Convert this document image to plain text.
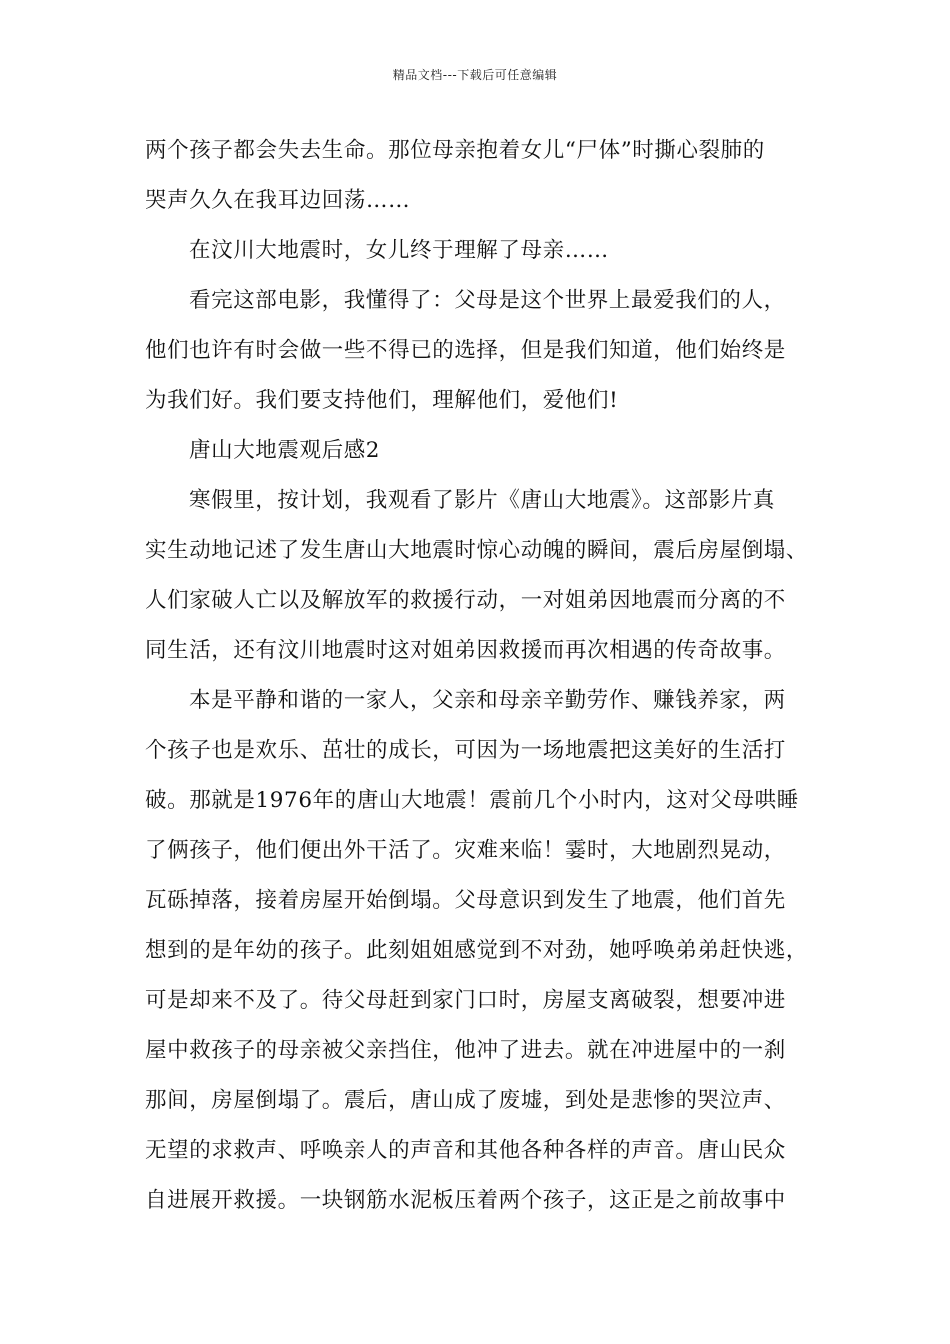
精品文档---下载后可任意编辑
两个孩子都会失去生命。那位母亲抱着女儿“尸体”时撕心裂肺的
哭声久久在我耳边回荡……
在汶川大地震时，女儿终于理解了母亲……
看完这部电影，我懂得了：父母是这个世界上最爱我们的人，
他们也许有时会做一些不得已的选择，但是我们知道，他们始终是
为我们好。我们要支持他们，理解他们，爱他们!
唐山大地震观后感2
寒假里，按计划，我观看了影片《唐山大地震》。这部影片真
实生动地记述了发生唐山大地震时惊心动魄的瞬间，震后房屋倒塌、
人们家破人亡以及解放军的救援行动，一对姐弟因地震而分离的不
同生活，还有汶川地震时这对姐弟因救援而再次相遇的传奇故事。
本是平静和谐的一家人，父亲和母亲辛勤劳作、赚钱养家，两
个孩子也是欢乐、茁壮的成长，可因为一场地震把这美好的生活打
破。那就是1976年的唐山大地震！震前几个小时内，这对父母哄睡
了俩孩子，他们便出外干活了。灾难来临！霎时，大地剧烈晃动，
瓦砾掉落，接着房屋开始倒塌。父母意识到发生了地震，他们首先
想到的是年幼的孩子。此刻姐姐感觉到不对劲，她呼唤弟弟赶快逃，
可是却来不及了。待父母赶到家门口时，房屋支离破裂，想要冲进
屋中救孩子的母亲被父亲挡住，他冲了进去。就在冲进屋中的一刹
那间，房屋倒塌了。震后，唐山成了废墟，到处是悲惨的哭泣声、
无望的求救声、呼唤亲人的声音和其他各种各样的声音。唐山民众
自进展开救援。一块钢筋水泥板压着两个孩子，这正是之前故事中
